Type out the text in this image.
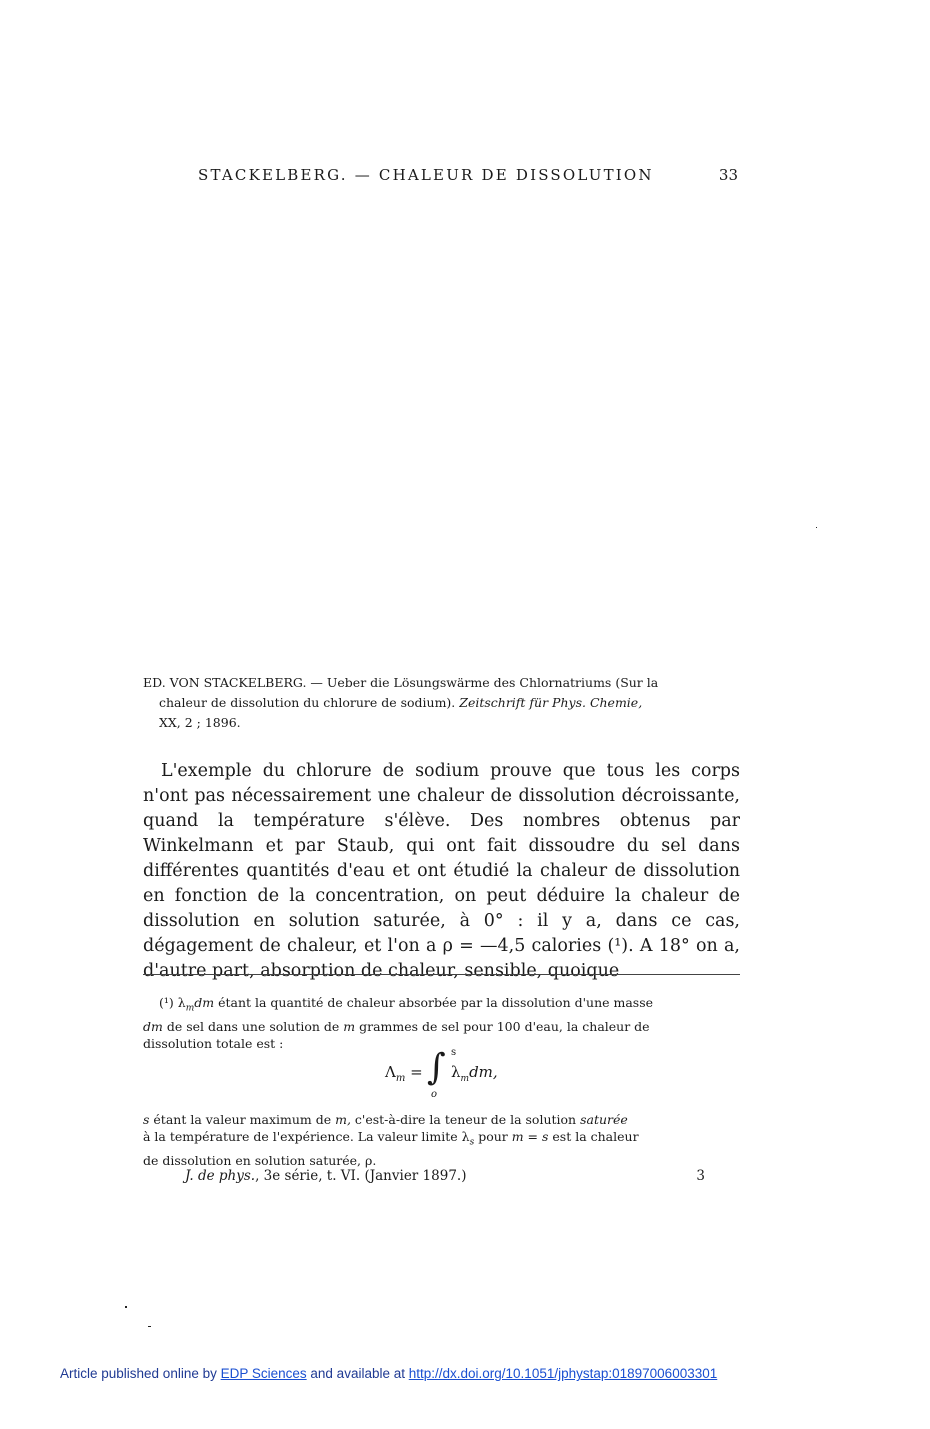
STACKELBERG. — CHALEUR DE DISSOLUTION	33
ED. VON STACKELBERG. — Ueber die Lösungswärme des Chlornatriums (Sur la
chaleur de dissolution du chlorure de sodium). Zeitschrift für Phys. Chemie,
XX, 2 ; 1896.
L'exemple du chlorure de sodium prouve que tous les corps n'ont pas nécessairement une chaleur de dissolution décroissante, quand la température s'élève. Des nombres obtenus par Winkelmann et par Staub, qui ont fait dissoudre du sel dans différentes quantités d'eau et ont étudié la chaleur de dissolution en fonction de la concentration, on peut déduire la chaleur de dissolution en solution saturée, à 0° : il y a, dans ce cas, dégagement de chaleur, et l'on a ρ = —4,5 calories (¹). A 18° on a, d'autre part, absorption de chaleur, sensible, quoique

(¹) $\lambda_mdm$ étant la quantité de chaleur absorbée par la dissolution d'une masse

dm de sel dans une solution de m grammes de sel pour 100 d'eau, la chaleur de

dissolution totale est :

$\Lambda_m$ = ∫ s
o
$\lambda_mdm$,
s étant la valeur maximum de m, c'est-à-dire la teneur de la solution saturée
à la température de l'expérience. La valeur limite $\lambda_s$ pour m = s est la chaleur
de dissolution en solution saturée, ρ.
J. de phys., 3e série, t. VI. (Janvier 1897.)	3
Article published online by EDP Sciences and available at http://dx.doi.org/10.1051/jphystap:01897006003301
